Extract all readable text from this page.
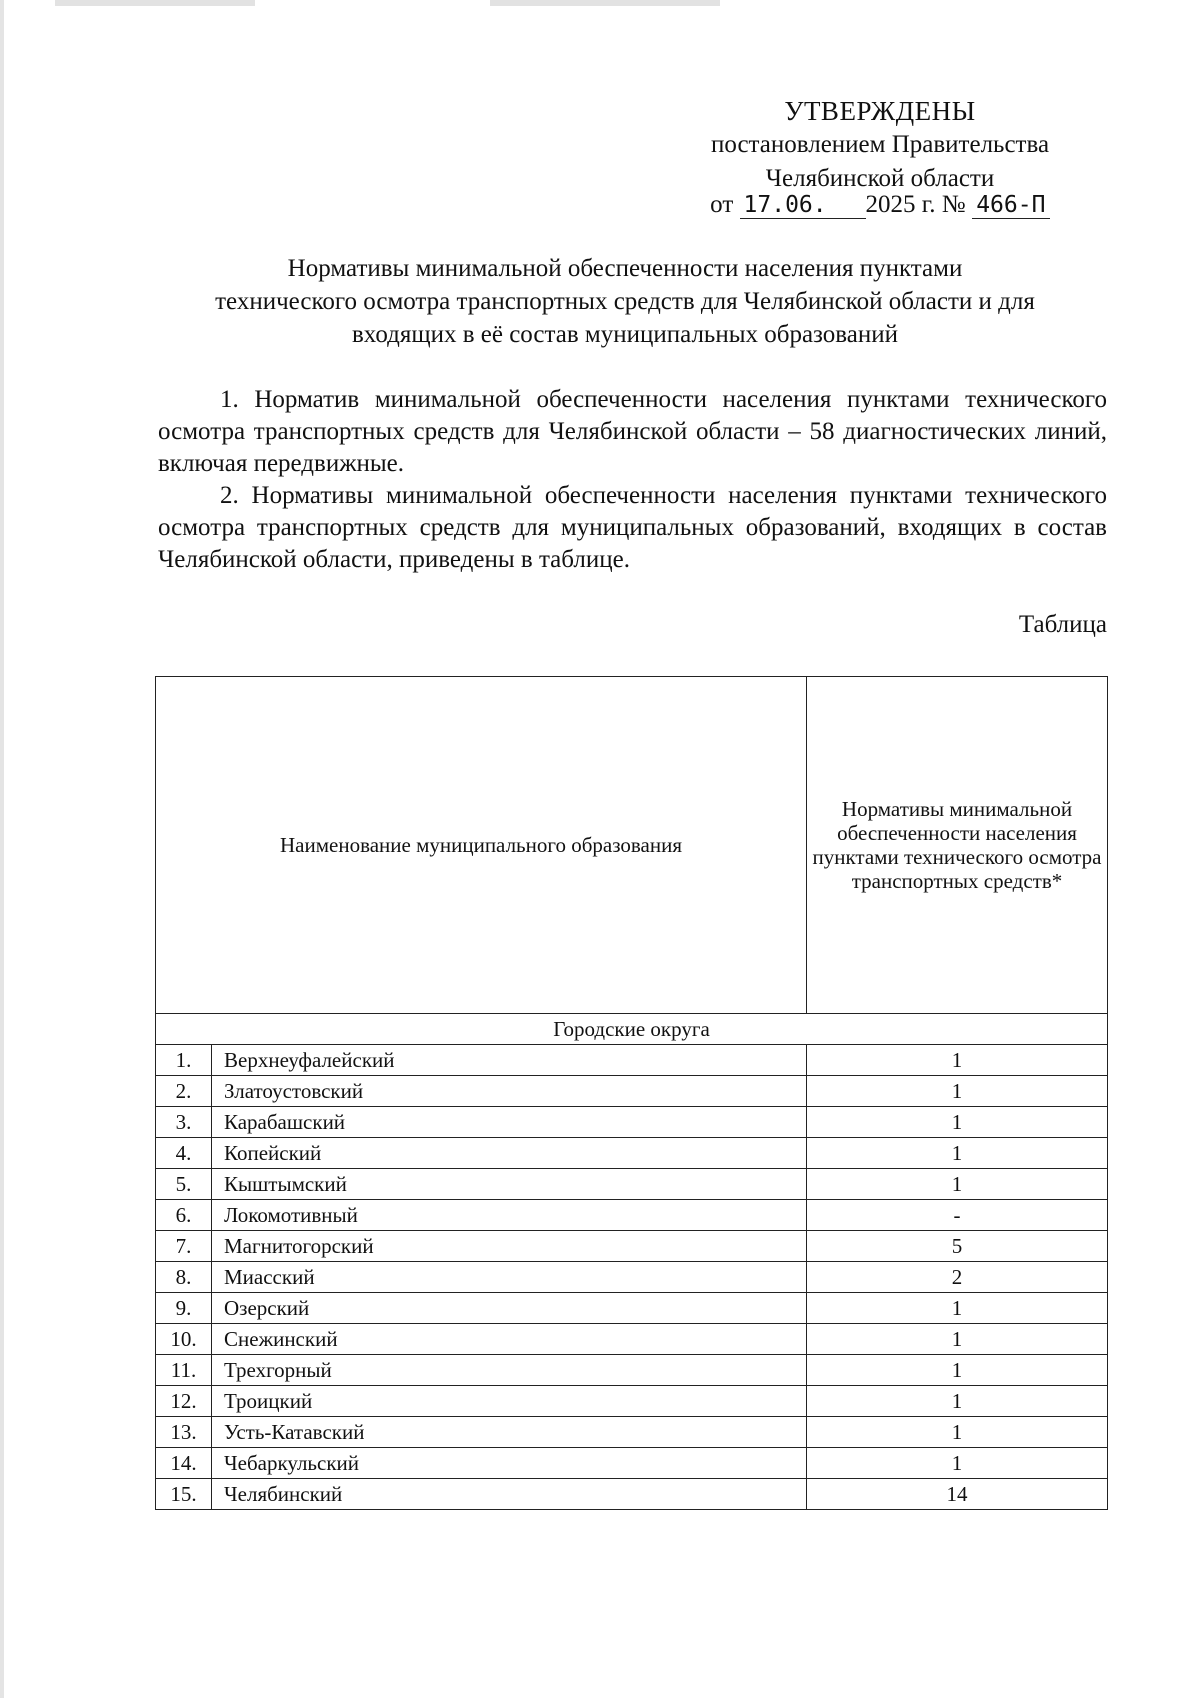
УТВЕРЖДЕНЫ
постановлением Правительства
Челябинской области
от 17.06. 2025 г. № 466-П
Нормативы минимальной обеспеченности населения пунктами
технического осмотра транспортных средств для Челябинской области и для
входящих в её состав муниципальных образований
1. Норматив минимальной обеспеченности населения пунктами технического осмотра транспортных средств для Челябинской области – 58 диагностических линий, включая передвижные.
2. Нормативы минимальной обеспеченности населения пунктами технического осмотра транспортных средств для муниципальных образований, входящих в состав Челябинской области, приведены в таблице.
Таблица
Наименование муниципального образования		Нормативы минимальной обеспеченности населения пунктами технического осмотра транспортных средств*
Городские округа		
1.	Верхнеуфалейский	1
2.	Златоустовский	1
3.	Карабашский	1
4.	Копейский	1
5.	Кыштымский	1
6.	Локомотивный	-
7.	Магнитогорский	5
8.	Миасский	2
9.	Озерский	1
10.	Снежинский	1
11.	Трехгорный	1
12.	Троицкий	1
13.	Усть-Катавский	1
14.	Чебаркульский	1
15.	Челябинский	14
